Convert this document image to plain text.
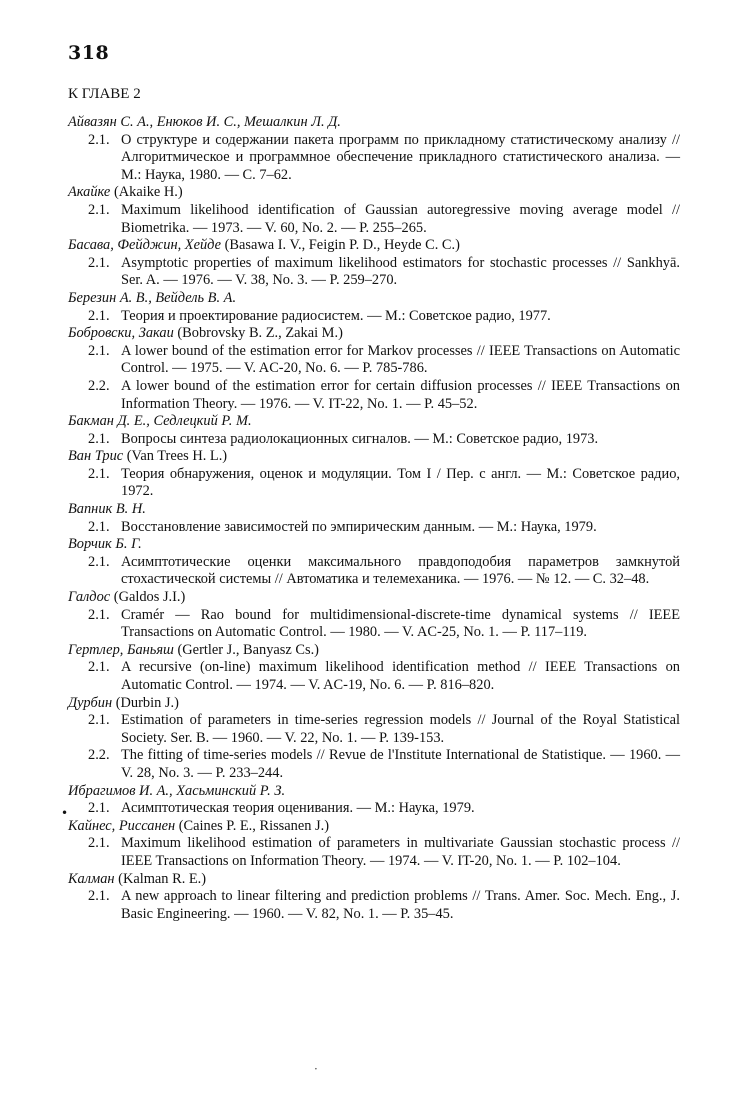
318
К ГЛАВЕ 2
•
Айвазян С. А., Енюков И. С., Мешалкин Л. Д.
2.1. О структуре и содержании пакета программ по прикладному статистическому анализу // Алгоритмическое и программное обеспечение прикладного статистического анализа. — М.: Наука, 1980. — С. 7–62.
Акайке (Akaike H.)
2.1. Maximum likelihood identification of Gaussian autoregressive moving average model // Biometrika. — 1973. — V. 60, No. 2. — P. 255–265.
Басава, Фейджин, Хейде (Basawa I. V., Feigin P. D., Heyde C. C.)
2.1. Asymptotic properties of maximum likelihood estimators for stochastic processes // Sankhyā. Ser. A. — 1976. — V. 38, No. 3. — P. 259–270.
Березин А. В., Вейдель В. А.
2.1. Теория и проектирование радиосистем. — М.: Советское радио, 1977.
Бобровски, Закаи (Bobrovsky B. Z., Zakai M.)
2.1. A lower bound of the estimation error for Markov processes // IEEE Transactions on Automatic Control. — 1975. — V. AC-20, No. 6. — P. 785-786.
2.2. A lower bound of the estimation error for certain diffusion processes // IEEE Transactions on Information Theory. — 1976. — V. IT-22, No. 1. — P. 45–52.
Бакман Д. Е., Седлецкий Р. М.
2.1. Вопросы синтеза радиолокационных сигналов. — М.: Советское радио, 1973.
Ван Трис (Van Trees H. L.)
2.1. Теория обнаружения, оценок и модуляции. Том I / Пер. с англ. — М.: Советское радио, 1972.
Вапник В. Н.
2.1. Восстановление зависимостей по эмпирическим данным. — М.: Наука, 1979.
Ворчик Б. Г.
2.1. Асимптотические оценки максимального правдоподобия параметров замкнутой стохастической системы // Автоматика и телемеханика. — 1976. — № 12. — С. 32–48.
Галдос (Galdos J.I.)
2.1. Cramér — Rao bound for multidimensional-discrete-time dynamical systems // IEEE Transactions on Automatic Control. — 1980. — V. AC-25, No. 1. — P. 117–119.
Гертлер, Баньяш (Gertler J., Banyasz Cs.)
2.1. A recursive (on-line) maximum likelihood identification method // IEEE Transactions on Automatic Control. — 1974. — V. AC-19, No. 6. — P. 816–820.
Дурбин (Durbin J.)
2.1. Estimation of parameters in time-series regression models // Journal of the Royal Statistical Society. Ser. B. — 1960. — V. 22, No. 1. — P. 139-153.
2.2. The fitting of time-series models // Revue de l'Institute International de Statistique. — 1960. — V. 28, No. 3. — P. 233–244.
Ибрагимов И. А., Хасьминский Р. З.
2.1. Асимптотическая теория оценивания. — М.: Наука, 1979.
Кайнес, Риссанен (Caines P. E., Rissanen J.)
2.1. Maximum likelihood estimation of parameters in multivariate Gaussian stochastic process // IEEE Transactions on Information Theory. — 1974. — V. IT-20, No. 1. — P. 102–104.
Калман (Kalman R. E.)
2.1. A new approach to linear filtering and prediction problems // Trans. Amer. Soc. Mech. Eng., J. Basic Engineering. — 1960. — V. 82, No. 1. — P. 35–45.
·
